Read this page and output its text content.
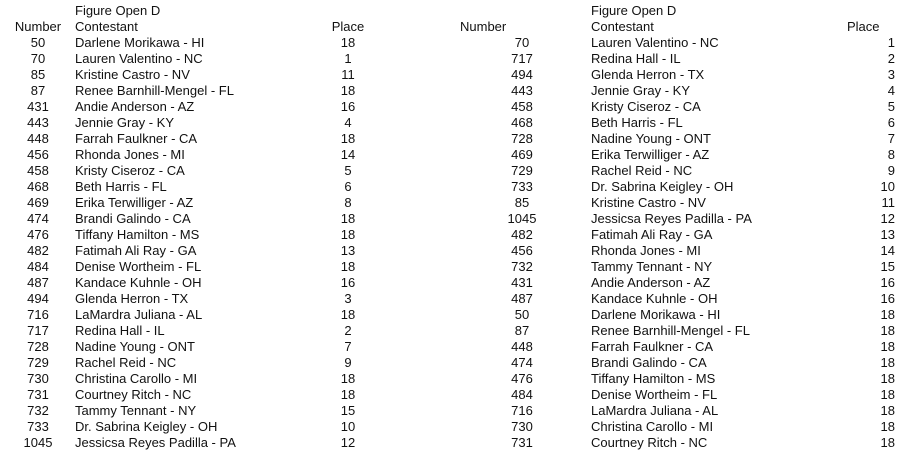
Figure Open D
Number	Contestant	Place
50	Darlene Morikawa - HI	18
70	Lauren Valentino - NC	1
85	Kristine Castro - NV	11
87	Renee Barnhill-Mengel - FL	18
431	Andie Anderson - AZ	16
443	Jennie Gray - KY	4
448	Farrah Faulkner - CA	18
456	Rhonda Jones - MI	14
458	Kristy Ciseroz - CA	5
468	Beth Harris - FL	6
469	Erika Terwilliger - AZ	8
474	Brandi Galindo - CA	18
476	Tiffany Hamilton - MS	18
482	Fatimah Ali Ray - GA	13
484	Denise Wortheim - FL	18
487	Kandace Kuhnle - OH	16
494	Glenda Herron - TX	3
716	LaMardra Juliana - AL	18
717	Redina Hall - IL	2
728	Nadine Young - ONT	7
729	Rachel Reid - NC	9
730	Christina Carollo - MI	18
731	Courtney Ritch - NC	18
732	Tammy Tennant - NY	15
733	Dr. Sabrina Keigley - OH	10
1045	Jessicsa Reyes Padilla - PA	12
Figure Open D
Number	Contestant	Place
70	Lauren Valentino - NC	1
717	Redina Hall - IL	2
494	Glenda Herron - TX	3
443	Jennie Gray - KY	4
458	Kristy Ciseroz - CA	5
468	Beth Harris - FL	6
728	Nadine Young - ONT	7
469	Erika Terwilliger - AZ	8
729	Rachel Reid - NC	9
733	Dr. Sabrina Keigley - OH	10
85	Kristine Castro - NV	11
1045	Jessicsa Reyes Padilla - PA	12
482	Fatimah Ali Ray - GA	13
456	Rhonda Jones - MI	14
732	Tammy Tennant - NY	15
431	Andie Anderson - AZ	16
487	Kandace Kuhnle - OH	16
50	Darlene Morikawa - HI	18
87	Renee Barnhill-Mengel - FL	18
448	Farrah Faulkner - CA	18
474	Brandi Galindo - CA	18
476	Tiffany Hamilton - MS	18
484	Denise Wortheim - FL	18
716	LaMardra Juliana - AL	18
730	Christina Carollo - MI	18
731	Courtney Ritch - NC	18
